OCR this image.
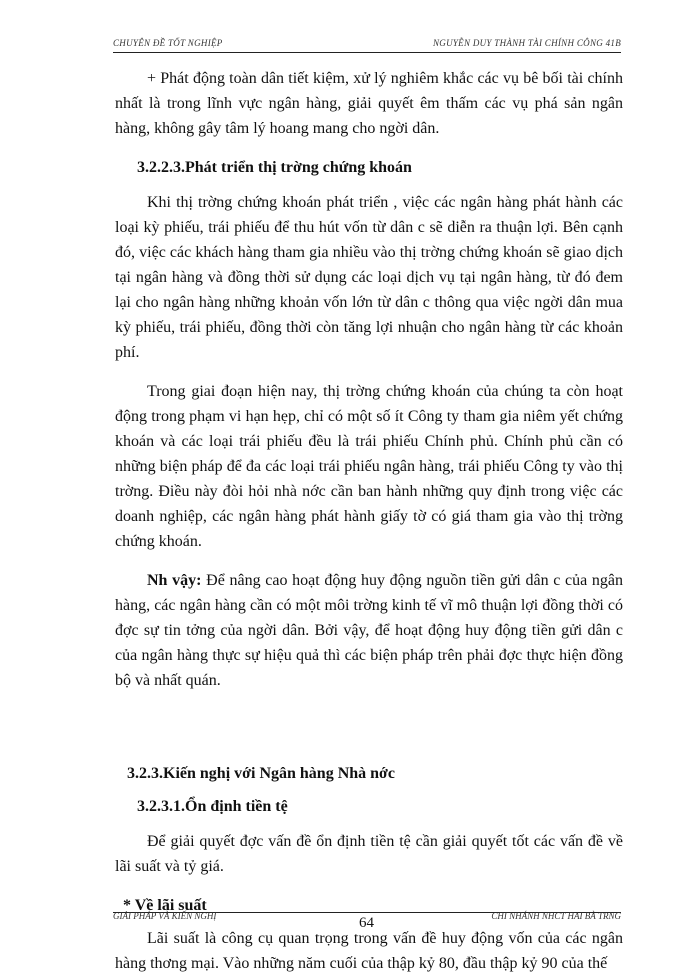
CHUYÊN ĐỀ TỐT NGHIỆP	NGUYỄN DUY THÀNH TÀI CHÍNH CÔNG 41B

+ Phát động toàn dân tiết kiệm, xử lý nghiêm khắc các vụ bê bối tài chính nhất là trong lĩnh vực ngân hàng, giải quyết êm thấm các vụ phá sản ngân hàng, không gây tâm lý hoang mang cho ngời dân.

3.2.2.3.Phát triển thị trờng chứng khoán

Khi thị trờng chứng khoán phát triển , việc các ngân hàng phát hành các loại kỳ phiếu, trái phiếu để thu hút vốn từ dân c sẽ diễn ra thuận lợi. Bên cạnh đó, việc các khách hàng tham gia nhiều vào thị trờng chứng khoán sẽ giao dịch tại ngân hàng và đồng thời sử dụng các loại dịch vụ tại ngân hàng, từ đó đem lại cho ngân hàng những khoản vốn lớn từ dân c thông qua việc ngời dân mua kỳ phiếu, trái phiếu, đồng thời còn tăng lợi nhuận cho ngân hàng từ các khoản phí.

Trong giai đoạn hiện nay, thị trờng chứng khoán của chúng ta còn hoạt động trong phạm vi hạn hẹp, chỉ có một số ít Công ty tham gia niêm yết chứng khoán và các loại trái phiếu đều là trái phiếu Chính phủ. Chính phủ cần có những biện pháp để đa các loại trái phiếu ngân hàng, trái phiếu Công ty vào thị trờng. Điều này đòi hỏi nhà nớc cần ban hành những quy định trong việc các doanh nghiệp, các ngân hàng phát hành giấy tờ có giá tham gia vào thị trờng chứng khoán.

Nh vậy: Để nâng cao hoạt động huy động nguồn tiền gửi dân c của ngân hàng, các ngân hàng cần có một môi trờng kinh tế vĩ mô thuận lợi đồng thời có đợc sự tin tởng của ngời dân. Bởi vậy, để hoạt động huy động tiền gửi dân c của ngân hàng thực sự hiệu quả thì các biện pháp trên phải đợc thực hiện đồng bộ và nhất quán.

3.2.3.Kiến nghị với Ngân hàng Nhà nớc
3.2.3.1.Ổn định tiền tệ

Để giải quyết đợc vấn đề ổn định tiền tệ cần giải quyết tốt các vấn đề về lãi suất và tỷ giá.

* Về lãi suất

Lãi suất là công cụ quan trọng trong vấn đề huy động vốn của các ngân hàng thơng mại. Vào những năm cuối của thập kỷ 80, đầu thập kỷ 90 của thế

GIẢI PHÁP VÀ KIẾN NGHỊ	64	CHI NHÁNH NHCT HAI BÀ TRNG
